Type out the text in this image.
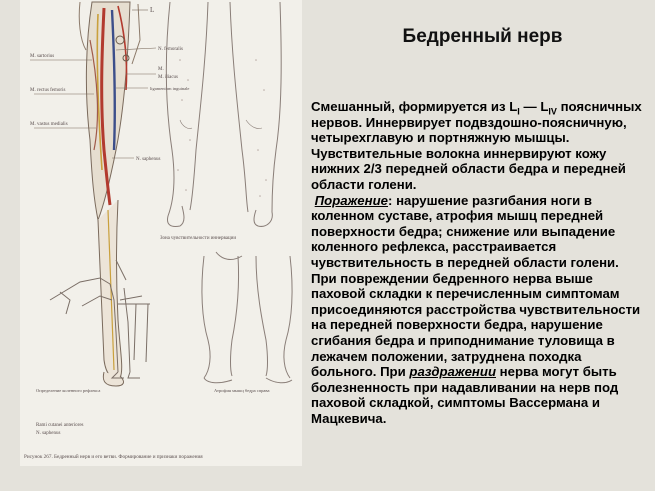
L
N. femoralis
M.
M. iliacus
ligamentum inguinale
N. saphenus
M. sartorius
M. rectus femoris
M. vastus medialis
Зона чувствительности иннервации
Определение коленного рефлекса	Атрофия мышц бедра справа
Rami cutanei anteriores
N. saphenus
Рисунок 267. Бедренный нерв и его ветви. Формирование и признаки поражения
Бедренный нерв

Смешанный, формируется из $L_I$ — $L_{IV}$ поясничных нервов. Иннервирует подвздошно-поясничную, четырехглавую и портняжную мышцы. Чувствительные волокна иннервируют кожу нижних 2/3 передней области бедра и передней области голени.

Поражение: нарушение разгибания ноги в коленном суставе, атрофия мышц передней поверхности бедра; снижение или выпадение коленного рефлекса, расстраивается чувствительность в передней области голени.

При повреждении бедренного нерва выше паховой складки к перечисленным симптомам присоединяются расстройства чувствительности на передней поверхности бедра, нарушение сгибания бедра и приподнимание туловища в лежачем положении, затруднена походка больного. При раздражении нерва могут быть болезненность при надавливании на нерв под паховой складкой, симптомы Вассермана и Мацкевича.
